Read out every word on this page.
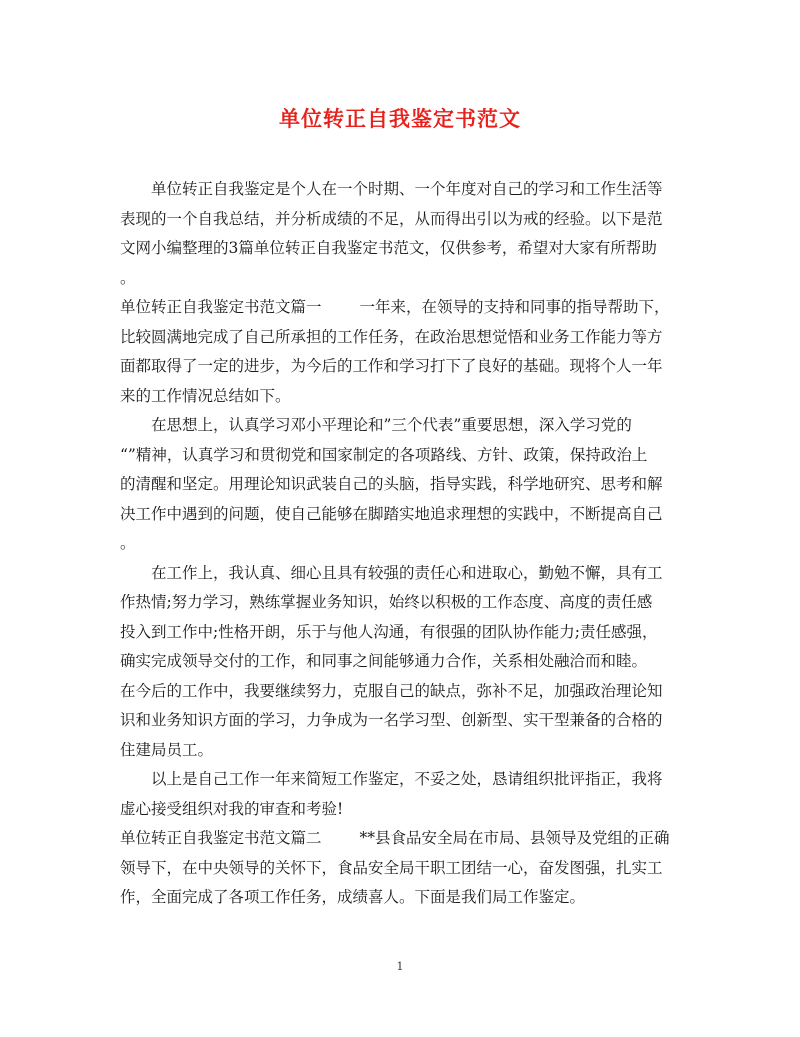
单位转正自我鉴定书范文

单位转正自我鉴定是个人在一个时期、一个年度对自己的学习和工作生活等

表现的一个自我总结，并分析成绩的不足，从而得出引以为戒的经验。以下是范

文网小编整理的3篇单位转正自我鉴定书范文，仅供参考，希望对大家有所帮助

。

单位转正自我鉴定书范文篇一 一年来，在领导的支持和同事的指导帮助下，

比较圆满地完成了自己所承担的工作任务，在政治思想觉悟和业务工作能力等方

面都取得了一定的进步，为今后的工作和学习打下了良好的基础。现将个人一年

来的工作情况总结如下。

在思想上，认真学习邓小平理论和”三个代表”重要思想，深入学习党的

“”精神，认真学习和贯彻党和国家制定的各项路线、方针、政策，保持政治上

的清醒和坚定。用理论知识武装自己的头脑，指导实践，科学地研究、思考和解

决工作中遇到的问题，使自己能够在脚踏实地追求理想的实践中，不断提高自己

。

在工作上，我认真、细心且具有较强的责任心和进取心，勤勉不懈，具有工

作热情;努力学习，熟练掌握业务知识，始终以积极的工作态度、高度的责任感

投入到工作中;性格开朗，乐于与他人沟通，有很强的团队协作能力;责任感强，

确实完成领导交付的工作，和同事之间能够通力合作，关系相处融洽而和睦。

在今后的工作中，我要继续努力，克服自己的缺点，弥补不足，加强政治理论知

识和业务知识方面的学习，力争成为一名学习型、创新型、实干型兼备的合格的

住建局员工。

以上是自己工作一年来简短工作鉴定，不妥之处，恳请组织批评指正，我将

虚心接受组织对我的审查和考验!

单位转正自我鉴定书范文篇二 **县食品安全局在市局、县领导及党组的正确

领导下，在中央领导的关怀下，食品安全局干职工团结一心，奋发图强，扎实工

作，全面完成了各项工作任务，成绩喜人。下面是我们局工作鉴定。

1
